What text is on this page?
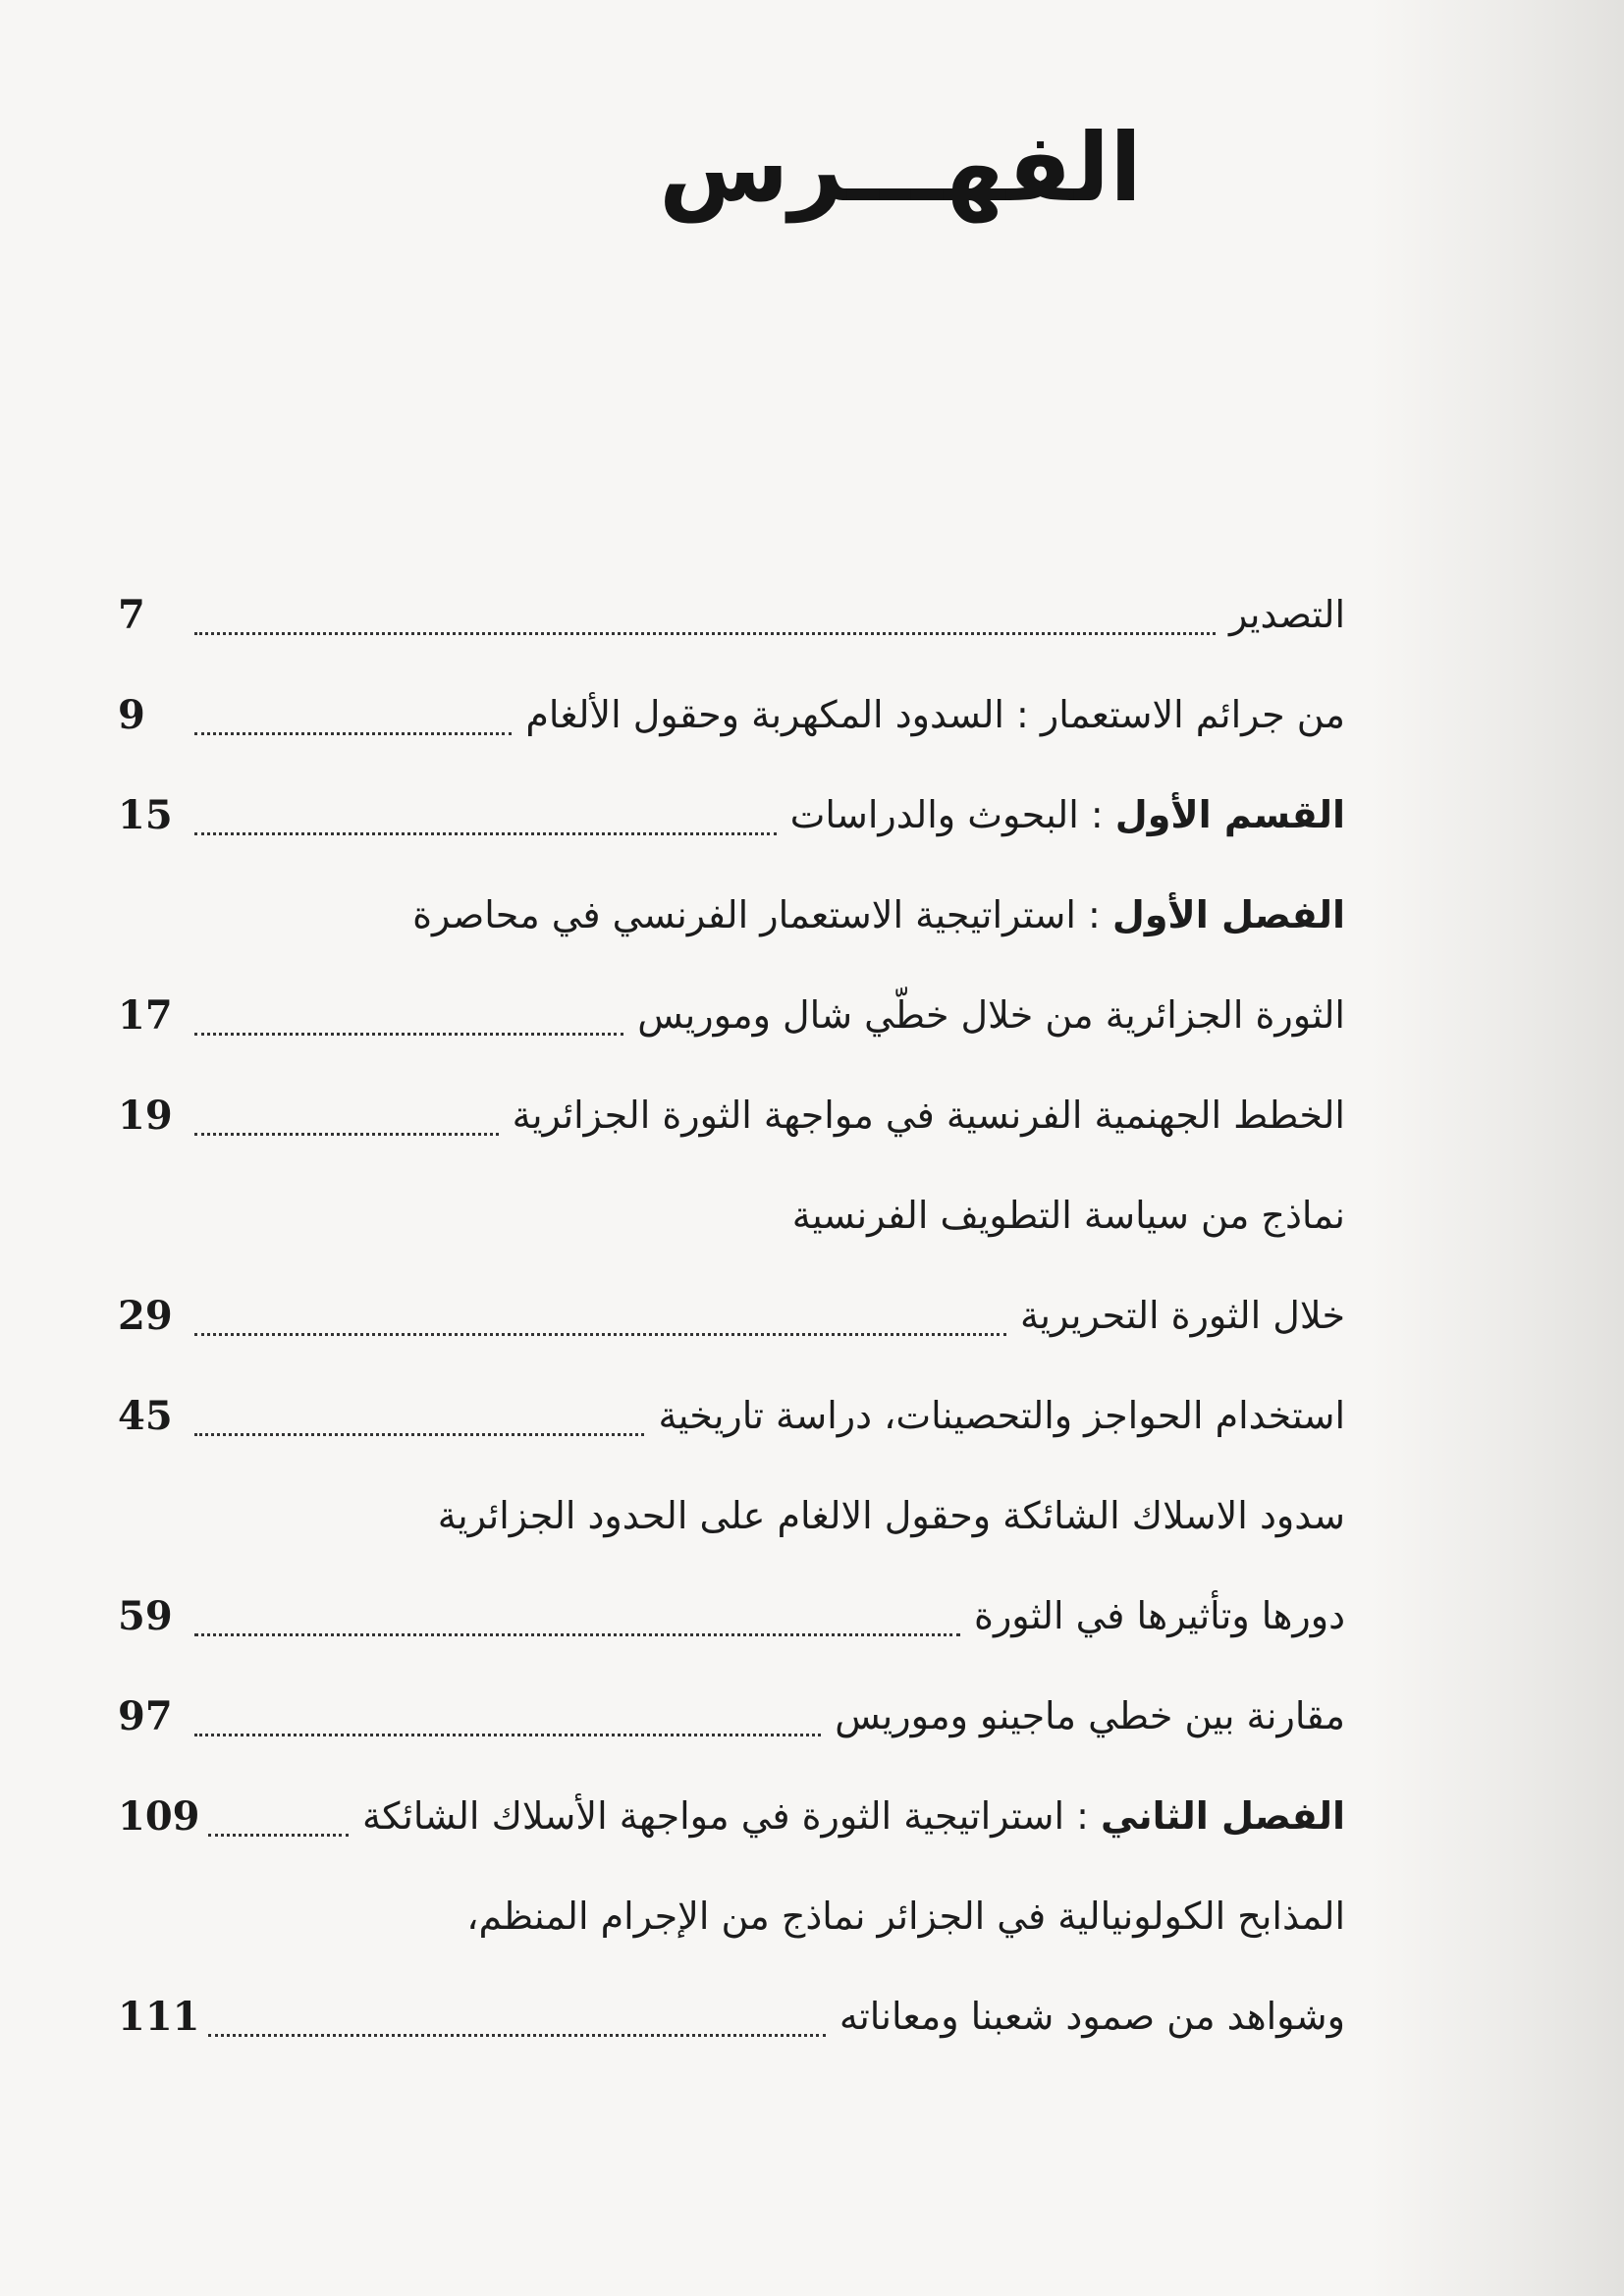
الفهـــرس
التصدير
7
من جرائم الاستعمار : السدود المكهربة وحقول الألغام
9
القسم الأول : البحوث والدراسات
15
الفصل الأول : استراتيجية الاستعمار الفرنسي في محاصرة
الثورة الجزائرية من خلال خطّي شال وموريس
17
الخطط الجهنمية الفرنسية في مواجهة الثورة الجزائرية
19
نماذج من سياسة التطويف الفرنسية
خلال الثورة التحريرية
29
استخدام الحواجز والتحصينات، دراسة تاريخية
45
سدود الاسلاك الشائكة وحقول الالغام على الحدود الجزائرية
دورها وتأثيرها في الثورة
59
مقارنة بين خطي ماجينو وموريس
97
الفصل الثاني : استراتيجية الثورة في مواجهة الأسلاك الشائكة
109
المذابح الكولونيالية في الجزائر نماذج من الإجرام المنظم،
وشواهد من صمود شعبنا ومعاناته
111
